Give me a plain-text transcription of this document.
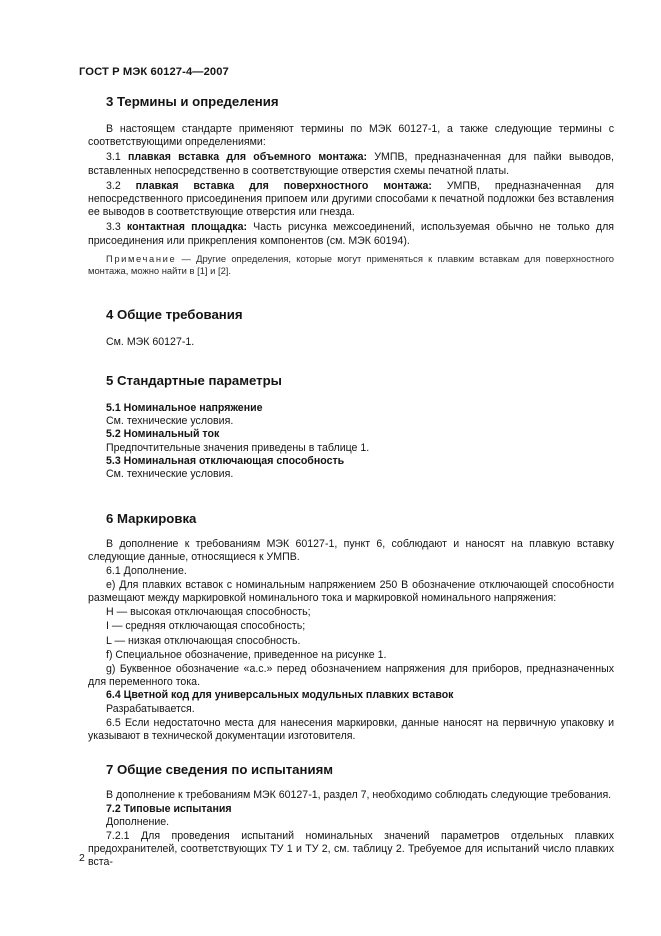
ГОСТ Р МЭК 60127-4—2007
3 Термины и определения

В настоящем стандарте применяют термины по МЭК 60127-1, а также следующие термины с соответствующими определениями:

3.1 плавкая вставка для объемного монтажа: УМПВ, предназначенная для пайки выводов, вставленных непосредственно в соответствующие отверстия схемы печатной платы.

3.2 плавкая вставка для поверхностного монтажа: УМПВ, предназначенная для непосредственного присоединения припоем или другими способами к печатной подложки без вставления ее выводов в соответствующие отверстия или гнезда.

3.3 контактная площадка: Часть рисунка межсоединений, используемая обычно не только для присоединения или прикрепления компонентов (см. МЭК 60194).

Примечание — Другие определения, которые могут применяться к плавким вставкам для поверхностного монтажа, можно найти в [1] и [2].

4 Общие требования

См. МЭК 60127-1.

5 Стандартные параметры

5.1 Номинальное напряжение

См. технические условия.

5.2 Номинальный ток

Предпочтительные значения приведены в таблице 1.

5.3 Номинальная отключающая способность

См. технические условия.

6 Маркировка

В дополнение к требованиям МЭК 60127-1, пункт 6, соблюдают и наносят на плавкую вставку следующие данные, относящиеся к УМПВ.

6.1 Дополнение.

е) Для плавких вставок с номинальным напряжением 250 В обозначение отключающей способности размещают между маркировкой номинального тока и маркировкой номинального напряжения:

Н — высокая отключающая способность;

I — средняя отключающая способность;

L — низкая отключающая способность.

f) Специальное обозначение, приведенное на рисунке 1.

g) Буквенное обозначение «а.с.» перед обозначением напряжения для приборов, предназначенных для переменного тока.

6.4 Цветной код для универсальных модульных плавких вставок

Разрабатывается.

6.5 Если недостаточно места для нанесения маркировки, данные наносят на первичную упаковку и указывают в технической документации изготовителя.

7 Общие сведения по испытаниям

В дополнение к требованиям МЭК 60127-1, раздел 7, необходимо соблюдать следующие требования.

7.2 Типовые испытания

Дополнение.

7.2.1 Для проведения испытаний номинальных значений параметров отдельных плавких предохранителей, соответствующих ТУ 1 и ТУ 2, см. таблицу 2. Требуемое для испытаний число плавких вста-

2
